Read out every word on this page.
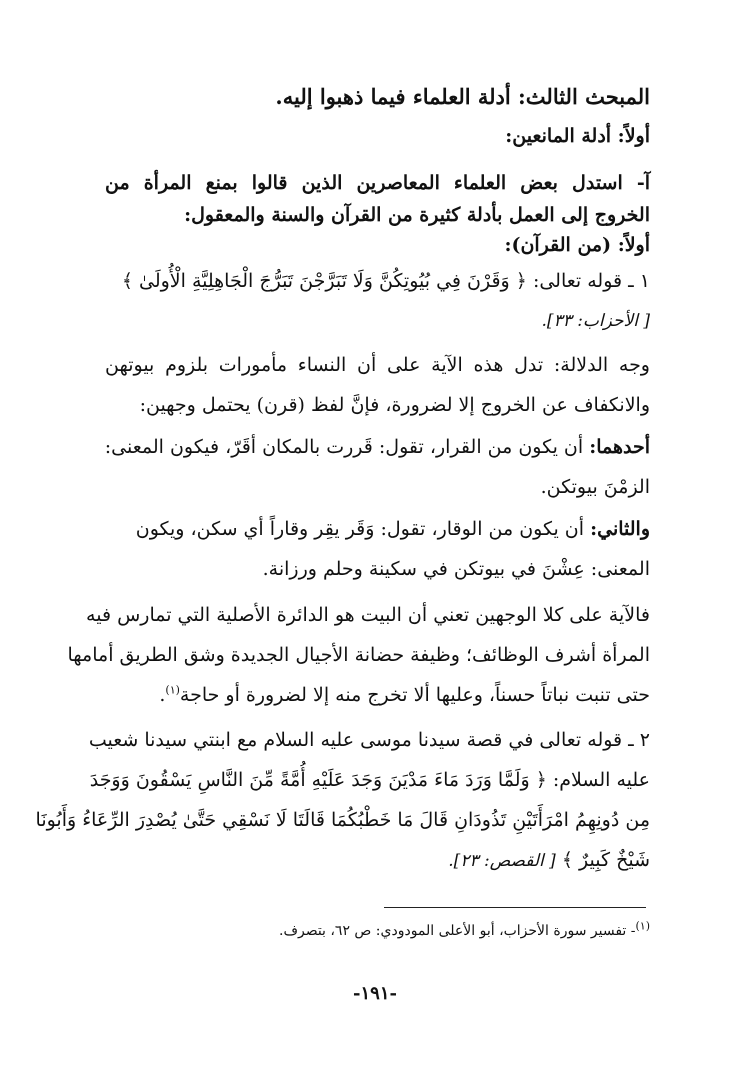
المبحث الثالث: أدلة العلماء فيما ذهبوا إليه.
أولاً: أدلة المانعين:
آ- استدل بعض العلماء المعاصرين الذين قالوا بمنع المرأة من
الخروج إلى العمل بأدلة كثيرة من القرآن والسنة والمعقول:
أولاً: (من القرآن):
١ ـ قوله تعالى: ﴿ وَقَرْنَ فِي بُيُوتِكُنَّ وَلَا تَبَرَّجْنَ تَبَرُّجَ الْجَاهِلِيَّةِ الْأُولَىٰ ﴾
[ الأحزاب: ٣٣].
وجه الدلالة: تدل هذه الآية على أن النساء مأمورات بلزوم بيوتهن
والانكفاف عن الخروج إلا لضرورة، فإنَّ لفظ (قرن) يحتمل وجهين:
أحدهما: أن يكون من القرار، تقول: قَررت بالمكان أقَرّ، فيكون المعنى:
الزمْنَ بيوتكن.
والثاني: أن يكون من الوقار، تقول: وَقَر يقِر وقاراً أي سكن، ويكون
المعنى: عِشْنَ في بيوتكن في سكينة وحلم ورزانة.
فالآية على كلا الوجهين تعني أن البيت هو الدائرة الأصلية التي تمارس فيه
المرأة أشرف الوظائف؛ وظيفة حضانة الأجيال الجديدة وشق الطريق أمامها
حتى تنبت نباتاً حسناً، وعليها ألا تخرج منه إلا لضرورة أو حاجة$^{(١)}$.
٢ ـ قوله تعالى في قصة سيدنا موسى عليه السلام مع ابنتي سيدنا شعيب
عليه السلام: ﴿ وَلَمَّا وَرَدَ مَاءَ مَدْيَنَ وَجَدَ عَلَيْهِ أُمَّةً مِّنَ النَّاسِ يَسْقُونَ وَوَجَدَ
مِن دُونِهِمُ امْرَأَتَيْنِ تَذُودَانِ قَالَ مَا خَطْبُكُمَا قَالَتَا لَا نَسْقِي حَتَّىٰ يُصْدِرَ الرِّعَاءُ وَأَبُونَا
شَيْخٌ كَبِيرٌ ﴾ [ القصص: ٢٣].
$^{(١)}$- تفسير سورة الأحزاب، أبو الأعلى المودودي: ص ٦٢، بتصرف.
-١٩١-
